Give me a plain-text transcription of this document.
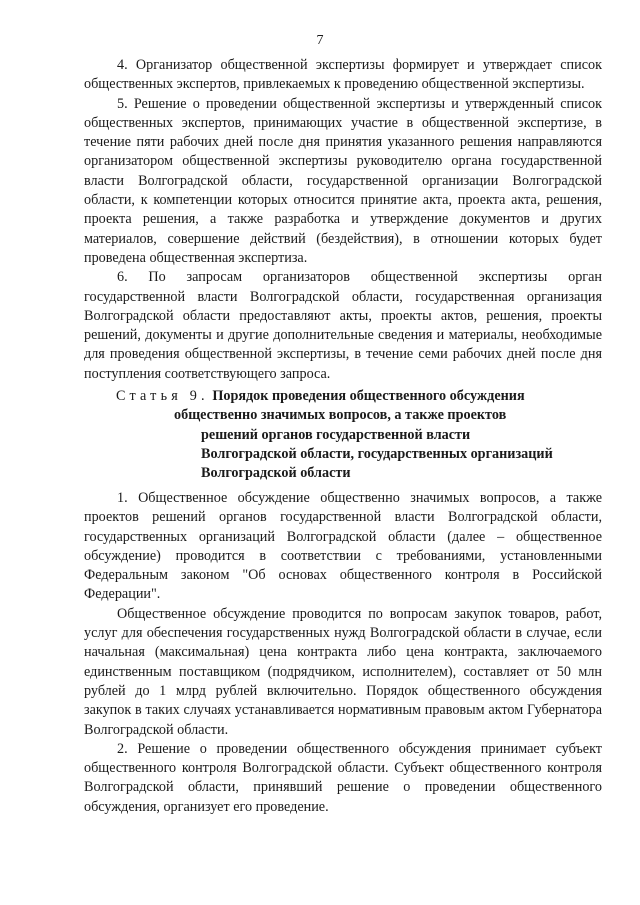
7

4. Организатор общественной экспертизы формирует и утверждает список общественных экспертов, привлекаемых к проведению общественной экспертизы.

5. Решение о проведении общественной экспертизы и утвержденный список общественных экспертов, принимающих участие в общественной экспертизе, в течение пяти рабочих дней после дня принятия указанного решения направляются организатором общественной экспертизы руководителю органа государственной власти Волгоградской области, государственной организации Волгоградской области, к компетенции которых относится принятие акта, проекта акта, решения, проекта решения, а также разработка и утверждение документов и других материалов, совершение действий (бездействия), в отношении которых будет проведена общественная экспертиза.

6. По запросам организаторов общественной экспертизы орган государственной власти Волгоградской области, государственная организация Волгоградской области предоставляют акты, проекты актов, решения, проекты решений, документы и другие дополнительные сведения и материалы, необходимые для проведения общественной экспертизы, в течение семи рабочих дней после дня поступления соответствующего запроса.

Статья 9. Порядок проведения общественного обсуждения
общественно значимых вопросов, а также проектов
решений органов государственной власти
Волгоградской области, государственных организаций
Волгоградской области

1. Общественное обсуждение общественно значимых вопросов, а также проектов решений органов государственной власти Волгоградской области, государственных организаций Волгоградской области (далее – общественное обсуждение) проводится в соответствии с требованиями, установленными Федеральным законом "Об основах общественного контроля в Российской Федерации".

Общественное обсуждение проводится по вопросам закупок товаров, работ, услуг для обеспечения государственных нужд Волгоградской области в случае, если начальная (максимальная) цена контракта либо цена контракта, заключаемого единственным поставщиком (подрядчиком, исполнителем), составляет от 50 млн рублей до 1 млрд рублей включительно. Порядок общественного обсуждения закупок в таких случаях устанавливается нормативным правовым актом Губернатора Волгоградской области.

2. Решение о проведении общественного обсуждения принимает субъект общественного контроля Волгоградской области. Субъект общественного контроля Волгоградской области, принявший решение о проведении общественного обсуждения, организует его проведение.
